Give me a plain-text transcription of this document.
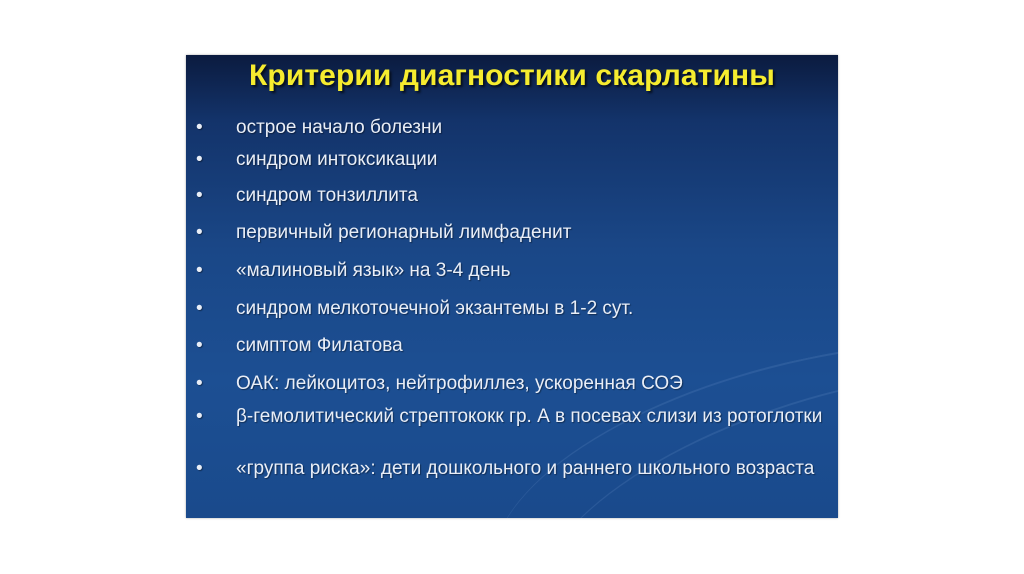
Критерии диагностики скарлатины
• острое начало болезни
• синдром интоксикации
• синдром тонзиллита
• первичный регионарный лимфаденит
• «малиновый язык» на 3-4 день
• синдром мелкоточечной экзантемы в 1-2 сут.
• симптом Филатова
• ОАК: лейкоцитоз, нейтрофиллез, ускоренная СОЭ
• β-гемолитический стрептококк гр. А в посевах слизи из ротоглотки
• «группа риска»: дети дошкольного и раннего школьного возраста
